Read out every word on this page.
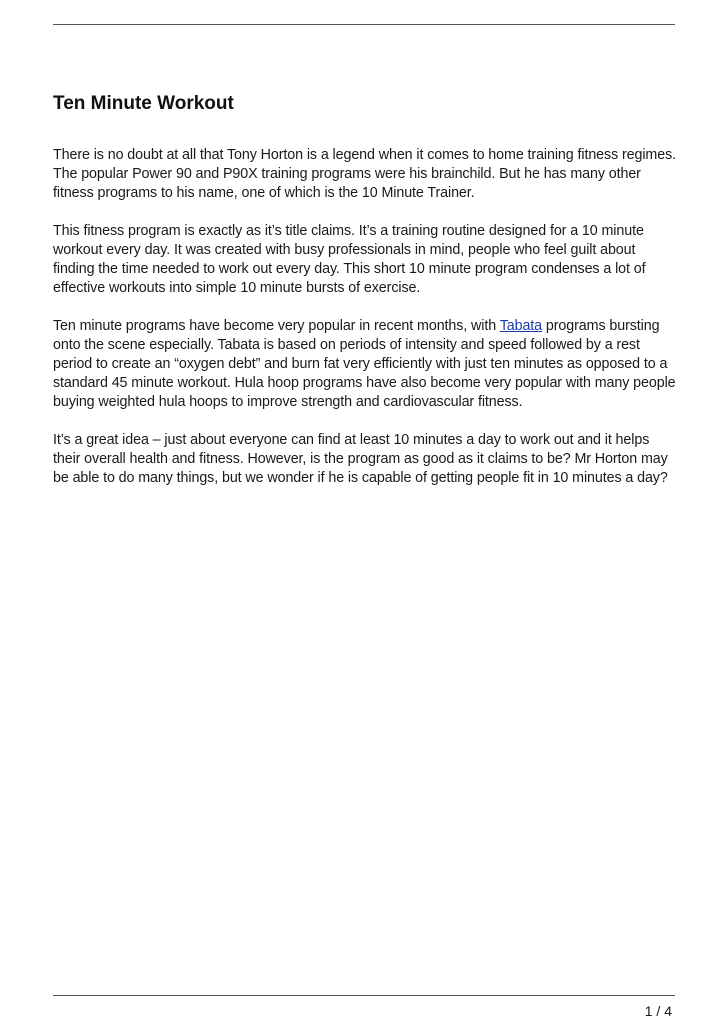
Ten Minute Workout

There is no doubt at all that Tony Horton is a legend when it comes to home training fitness regimes. The popular Power 90 and P90X training programs were his brainchild. But he has many other fitness programs to his name, one of which is the 10 Minute Trainer.

This fitness program is exactly as it’s title claims. It’s a training routine designed for a 10 minute workout every day. It was created with busy professionals in mind, people who feel guilt about finding the time needed to work out every day. This short 10 minute program condenses a lot of effective workouts into simple 10 minute bursts of exercise.

Ten minute programs have become very popular in recent months, with Tabata programs bursting onto the scene especially. Tabata is based on periods of intensity and speed followed by a rest period to create an “oxygen debt” and burn fat very efficiently with just ten minutes as opposed to a standard 45 minute workout. Hula hoop programs have also become very popular with many people buying weighted hula hoops to improve strength and cardiovascular fitness.

It’s a great idea – just about everyone can find at least 10 minutes a day to work out and it helps their overall health and fitness. However, is the program as good as it claims to be? Mr Horton may be able to do many things, but we wonder if he is capable of getting people fit in 10 minutes a day?

1 / 4
